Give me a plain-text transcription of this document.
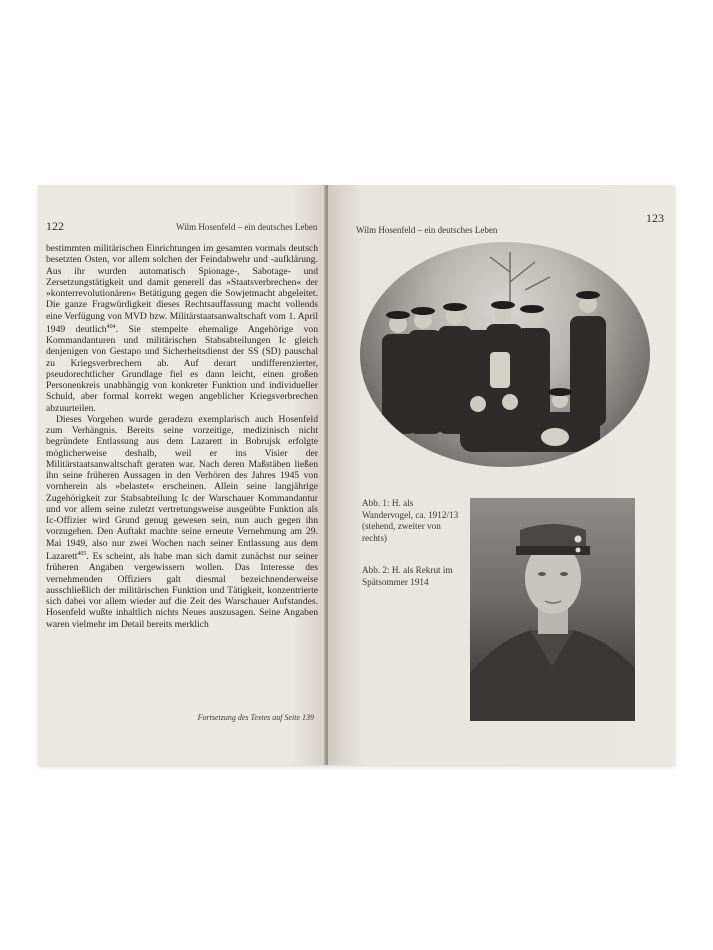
122	Wilm Hosenfeld – ein deutsches Leben

bestimmten militärischen Einrichtungen im gesamten vormals deutsch besetzten Osten, vor allem solchen der Feindabwehr und -aufklärung. Aus ihr wurden automatisch Spionage-, Sabotage- und Zersetzungstätigkeit und damit generell das »Staatsverbrechen« der »konterrevolutionären« Betätigung gegen die Sowjetmacht abgeleitet. Die ganze Fragwürdigkeit dieses Rechtsauffassung macht vollends eine Verfügung von MVD bzw. Militärstaatsanwaltschaft vom 1. April 1949 deutlich$^{404}$. Sie stempelte ehemalige Angehörige von Kommandanturen und militärischen Stabsabteilungen Ic gleich denjenigen von Gestapo und Sicherheitsdienst der SS (SD) pauschal zu Kriegsverbrechern ab. Auf derart undifferenzierter, pseudorechtlicher Grundlage fiel es dann leicht, einen großen Personenkreis unabhängig von konkreter Funktion und individueller Schuld, aber formal korrekt wegen angeblicher Kriegsverbrechen abzuurteilen.

Dieses Vorgehen wurde geradezu exemplarisch auch Hosenfeld zum Verhängnis. Bereits seine vorzeitige, medizinisch nicht begründete Entlassung aus dem Lazarett in Bobrujsk erfolgte möglicherweise deshalb, weil er ins Visier der Militärstaatsanwaltschaft geraten war. Nach deren Maßstäben ließen ihn seine früheren Aussagen in den Verhören des Jahres 1945 von vornherein als »belastet« erscheinen. Allein seine langjährige Zugehörigkeit zur Stabsabteilung Ic der Warschauer Kommandantur und vor allem seine zuletzt vertretungsweise ausgeübte Funktion als Ic-Offizier wird Grund genug gewesen sein, nun auch gegen ihn vorzugehen. Den Auftakt machte seine erneute Vernehmung am 29. Mai 1949, also nur zwei Wochen nach seiner Entlassung aus dem Lazarett$^{405}$. Es scheint, als habe man sich damit zunächst nur seiner früheren Angaben vergewissern wollen. Das Interesse des vernehmenden Offiziers galt diesmal bezeichnenderweise ausschließlich der militärischen Funktion und Tätigkeit, konzentrierte sich dabei vor allem wieder auf die Zeit des Warschauer Aufstandes. Hosenfeld wußte inhaltlich nichts Neues auszusagen. Seine Angaben waren vielmehr im Detail bereits merklich

Fortsetzung des Textes auf Seite 139
Wilm Hosenfeld – ein deutsches Leben
123
Abb. 1: H. als Wandervogel, ca. 1912/13 (stehend, zweiter von rechts)
Abb. 2: H. als Rekrut im Spätsommer 1914
